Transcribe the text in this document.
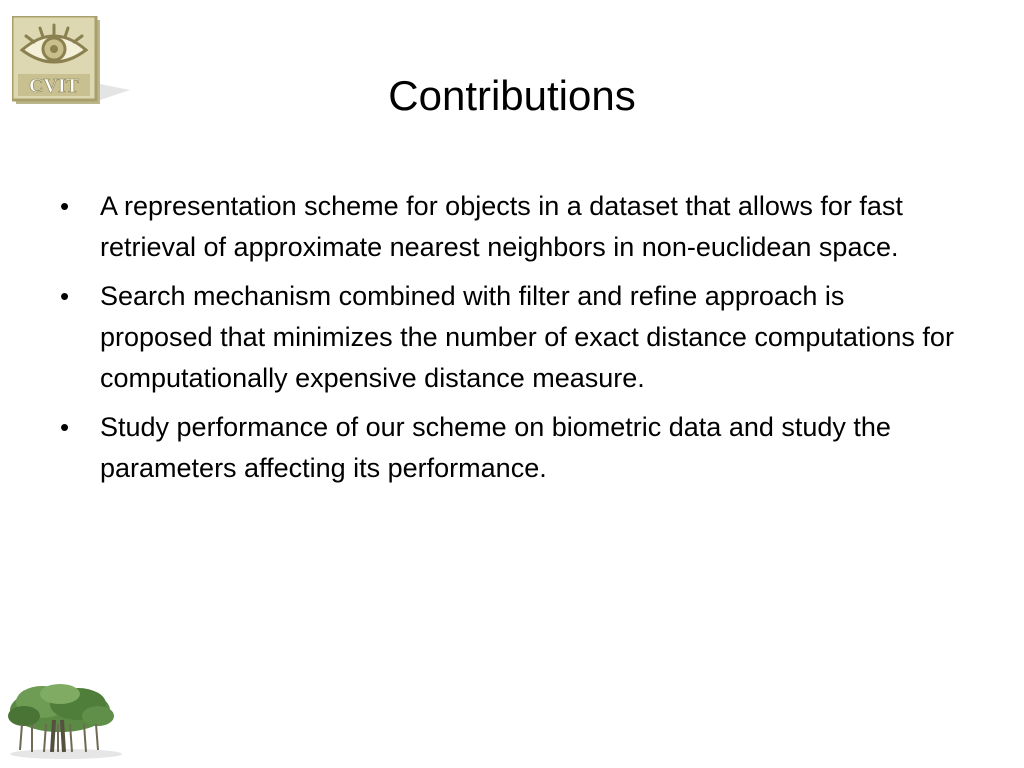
CVIT	Contributions
• A representation scheme for objects in a dataset that allows for fast retrieval of approximate nearest neighbors in non-euclidean space.
• Search mechanism combined with filter and refine approach is proposed that minimizes the number of exact distance computations for computationally expensive distance measure.
• Study performance of our scheme on biometric data and study the parameters affecting its performance.
